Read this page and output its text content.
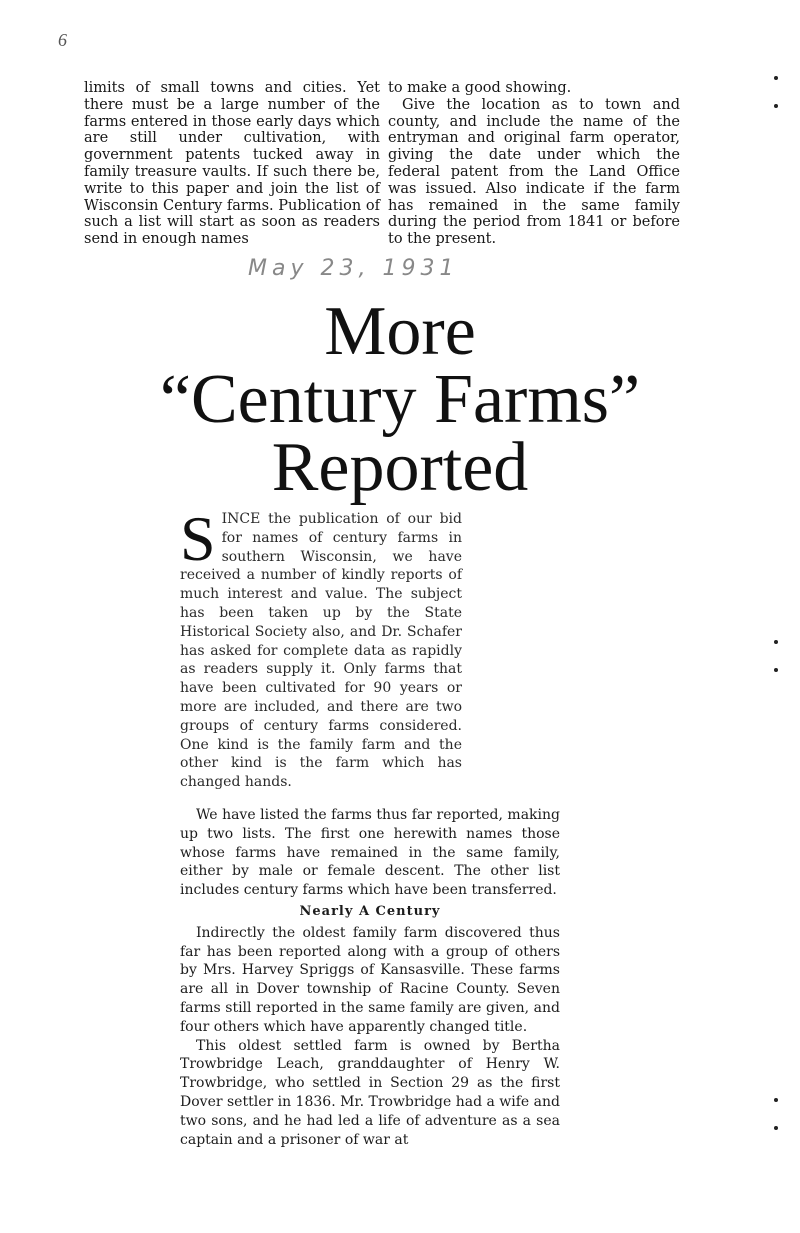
6

limits of small towns and cities. Yet there must be a large number of the farms entered in those early days which are still under cultivation, with government patents tucked away in family treasure vaults. If such there be, write to this paper and join the list of Wisconsin Century farms. Publication of such a list will start as soon as readers send in enough names

to make a good showing.

Give the location as to town and county, and include the name of the entryman and original farm operator, giving the date under which the federal patent from the Land Office was issued. Also indicate if the farm has remained in the same family during the period from 1841 or before to the present.

May 23, 1931
More
“Century Farms”
Reported

SINCE the publication of our bid for names of century farms in southern Wisconsin, we have received a number of kindly reports of much interest and value. The subject has been taken up by the State Historical Society also, and Dr. Schafer has asked for complete data as rapidly as readers supply it. Only farms that have been cultivated for 90 years or more are included, and there are two groups of century farms considered. One kind is the family farm and the other kind is the farm which has changed hands.

We have listed the farms thus far reported, making up two lists. The first one herewith names those whose farms have remained in the same family, either by male or female descent. The other list includes century farms which have been transferred.

Nearly A Century

Indirectly the oldest family farm discovered thus far has been reported along with a group of others by Mrs. Harvey Spriggs of Kansasville. These farms are all in Dover township of Racine County. Seven farms still reported in the same family are given, and four others which have apparently changed title.

This oldest settled farm is owned by Bertha Trowbridge Leach, granddaughter of Henry W. Trowbridge, who settled in Section 29 as the first Dover settler in 1836. Mr. Trowbridge had a wife and two sons, and he had led a life of adventure as a sea captain and a prisoner of war at
